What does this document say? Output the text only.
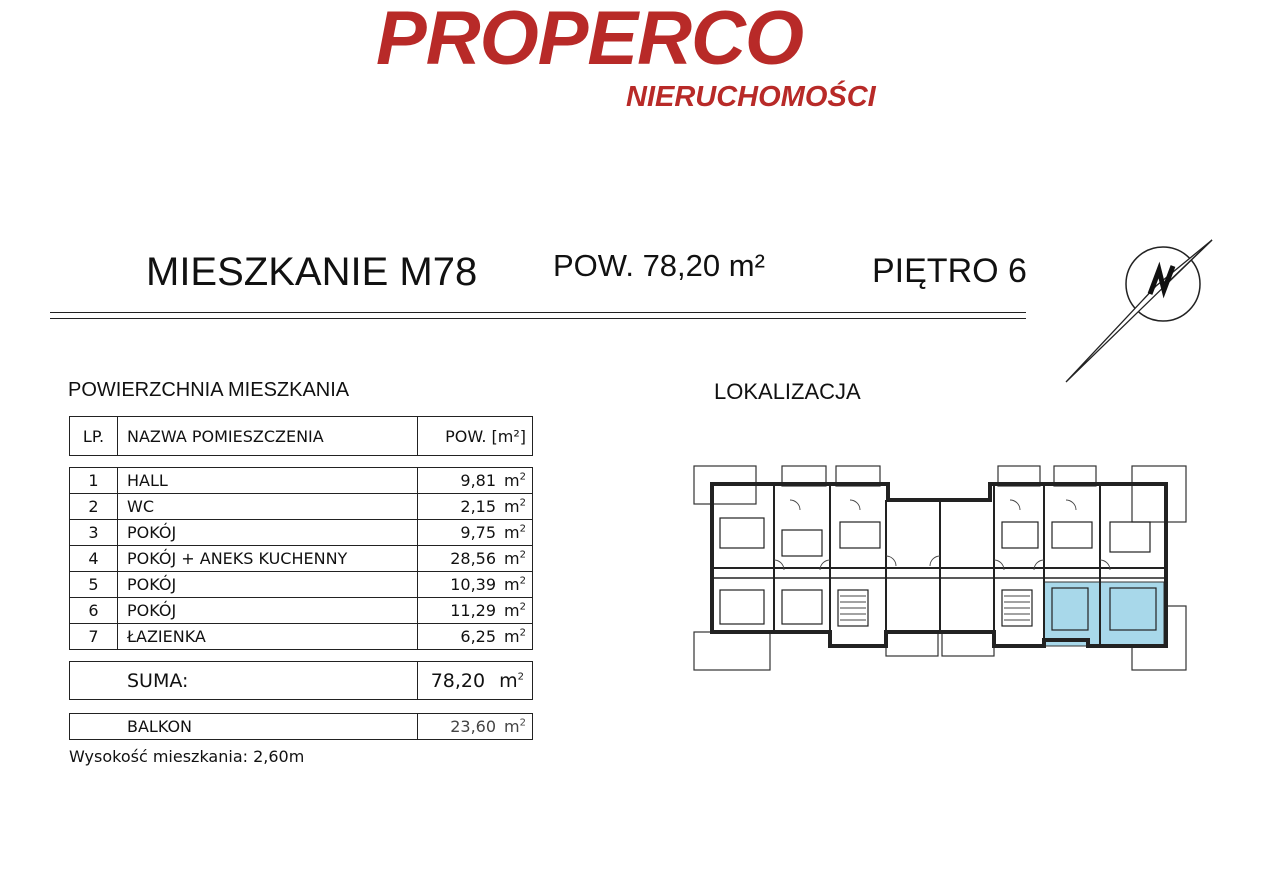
PROPERCO
NIERUCHOMOŚCI
MIESZKANIE M78 POW. 78,20 m²	PIĘTRO 6
POWIERZCHNIA MIESZKANIA
LP.	NAZWA POMIESZCZENIA	POW. [m²]
1	HALL	9,81 $m^2$
2	WC	2,15 $m^2$
3	POKÓJ	9,75 $m^2$
4	POKÓJ + ANEKS KUCHENNY	28,56 $m^2$
5	POKÓJ	10,39 $m^2$
6	POKÓJ	11,29 $m^2$
7	ŁAZIENKA	6,25 $m^2$
SUMA:	78,20 $m^2$
BALKON	23,60 $m^2$
Wysokość mieszkania: 2,60m
LOKALIZACJA
